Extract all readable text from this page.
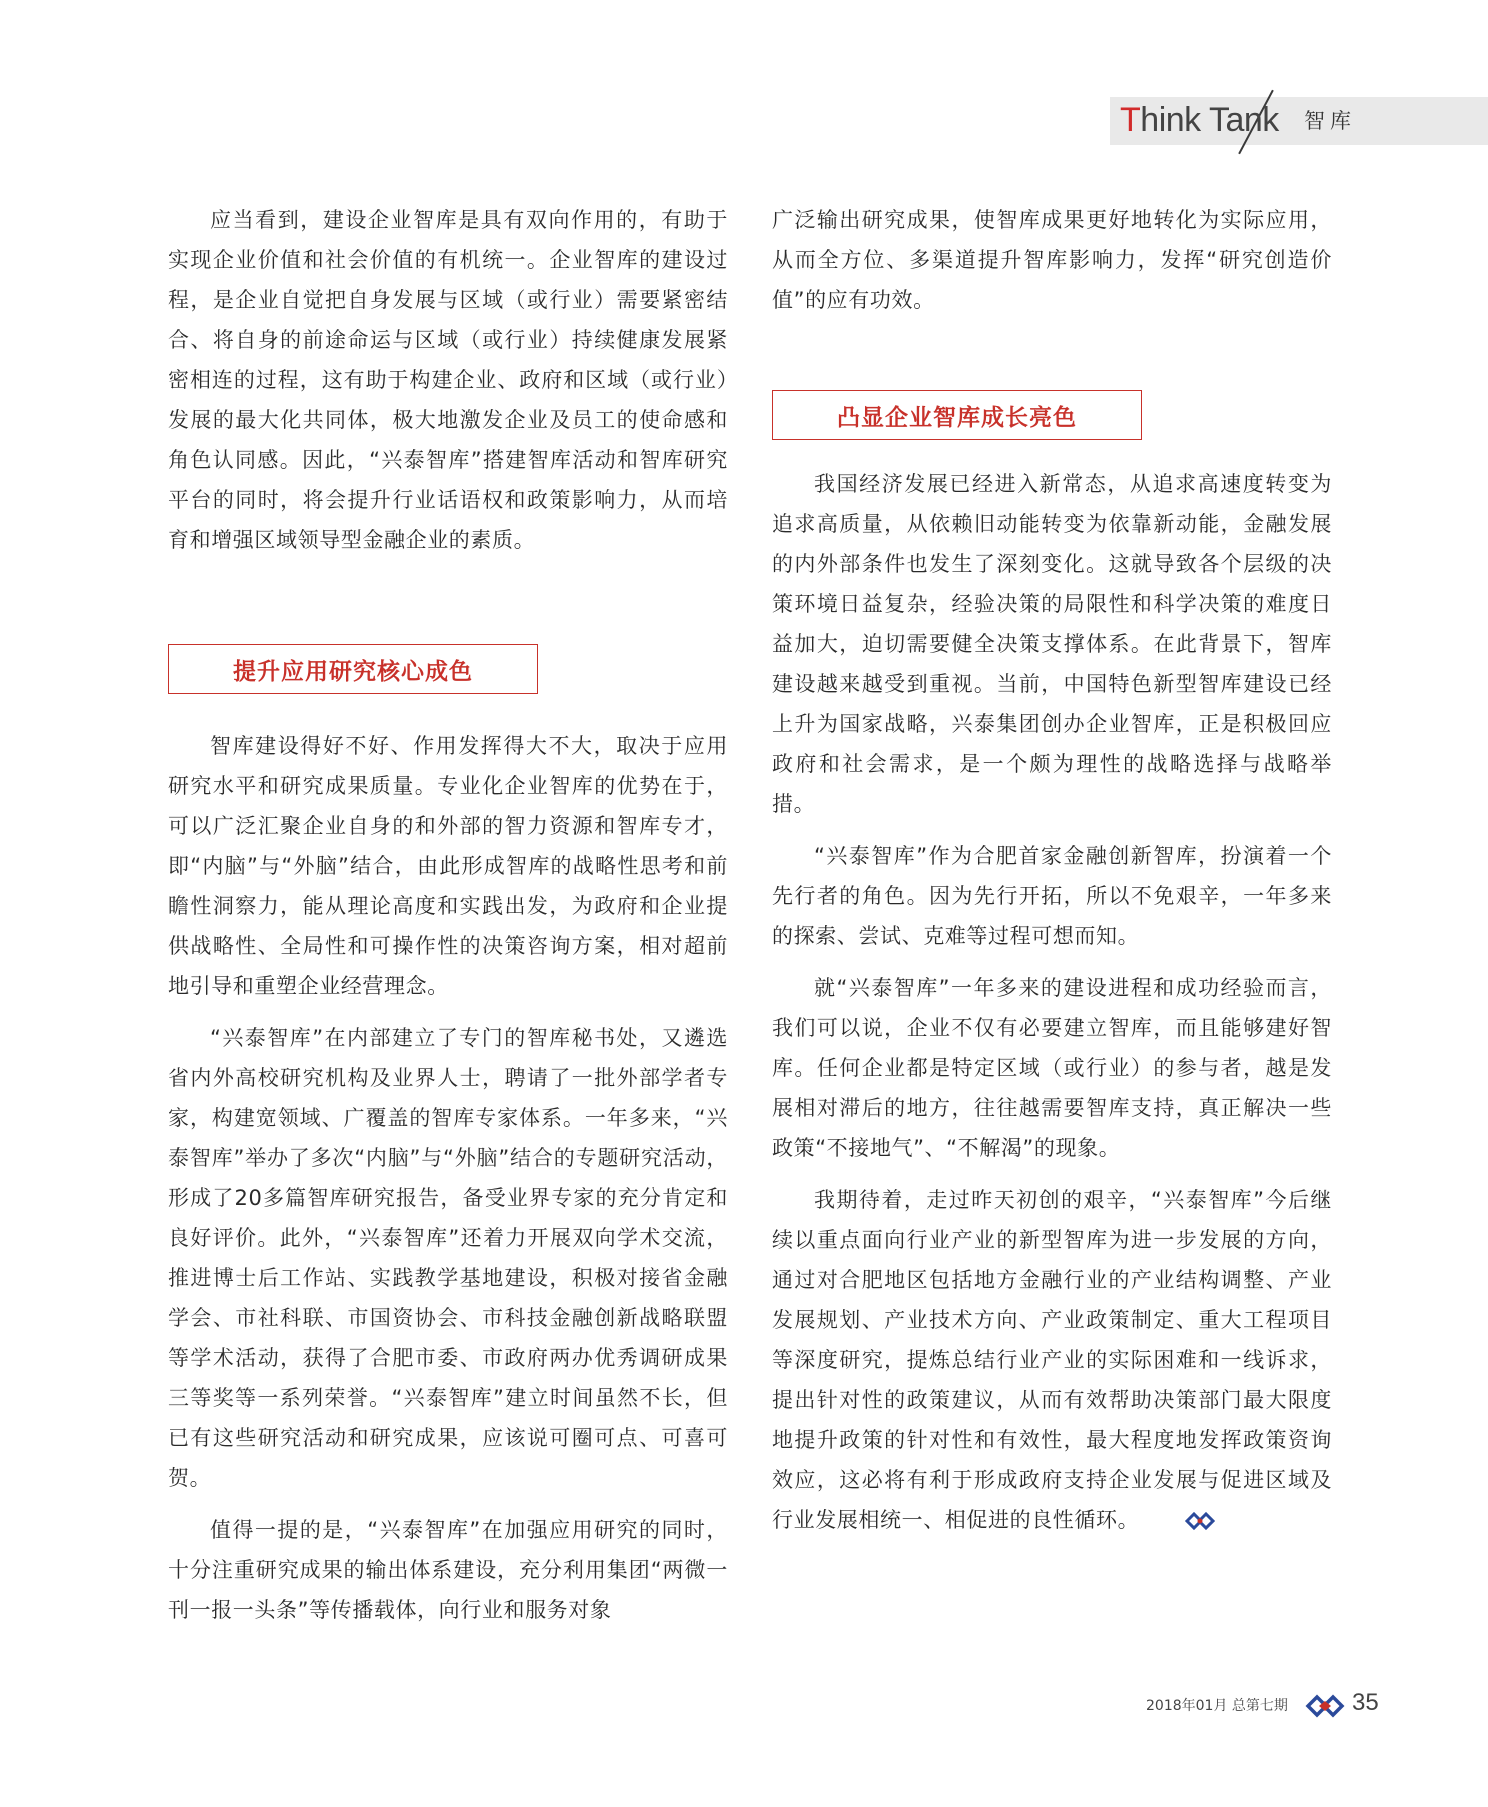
Think Tank 智库

应当看到，建设企业智库是具有双向作用的，有助于实现企业价值和社会价值的有机统一。企业智库的建设过程，是企业自觉把自身发展与区域（或行业）需要紧密结合、将自身的前途命运与区域（或行业）持续健康发展紧密相连的过程，这有助于构建企业、政府和区域（或行业）发展的最大化共同体，极大地激发企业及员工的使命感和角色认同感。因此，“兴泰智库”搭建智库活动和智库研究平台的同时，将会提升行业话语权和政策影响力，从而培育和增强区域领导型金融企业的素质。

提升应用研究核心成色

智库建设得好不好、作用发挥得大不大，取决于应用研究水平和研究成果质量。专业化企业智库的优势在于，可以广泛汇聚企业自身的和外部的智力资源和智库专才，即“内脑”与“外脑”结合，由此形成智库的战略性思考和前瞻性洞察力，能从理论高度和实践出发，为政府和企业提供战略性、全局性和可操作性的决策咨询方案，相对超前地引导和重塑企业经营理念。

“兴泰智库”在内部建立了专门的智库秘书处，又遴选省内外高校研究机构及业界人士，聘请了一批外部学者专家，构建宽领域、广覆盖的智库专家体系。一年多来，“兴泰智库”举办了多次“内脑”与“外脑”结合的专题研究活动，形成了20多篇智库研究报告，备受业界专家的充分肯定和良好评价。此外，“兴泰智库”还着力开展双向学术交流，推进博士后工作站、实践教学基地建设，积极对接省金融学会、市社科联、市国资协会、市科技金融创新战略联盟等学术活动，获得了合肥市委、市政府两办优秀调研成果三等奖等一系列荣誉。“兴泰智库”建立时间虽然不长，但已有这些研究活动和研究成果，应该说可圈可点、可喜可贺。

值得一提的是，“兴泰智库”在加强应用研究的同时，十分注重研究成果的输出体系建设，充分利用集团“两微一刊一报一头条”等传播载体，向行业和服务对象

广泛输出研究成果，使智库成果更好地转化为实际应用，从而全方位、多渠道提升智库影响力，发挥“研究创造价值”的应有功效。

凸显企业智库成长亮色

我国经济发展已经进入新常态，从追求高速度转变为追求高质量，从依赖旧动能转变为依靠新动能，金融发展的内外部条件也发生了深刻变化。这就导致各个层级的决策环境日益复杂，经验决策的局限性和科学决策的难度日益加大，迫切需要健全决策支撑体系。在此背景下，智库建设越来越受到重视。当前，中国特色新型智库建设已经上升为国家战略，兴泰集团创办企业智库，正是积极回应政府和社会需求，是一个颇为理性的战略选择与战略举措。

“兴泰智库”作为合肥首家金融创新智库，扮演着一个先行者的角色。因为先行开拓，所以不免艰辛，一年多来的探索、尝试、克难等过程可想而知。

就“兴泰智库”一年多来的建设进程和成功经验而言，我们可以说，企业不仅有必要建立智库，而且能够建好智库。任何企业都是特定区域（或行业）的参与者，越是发展相对滞后的地方，往往越需要智库支持，真正解决一些政策“不接地气”、“不解渴”的现象。

我期待着，走过昨天初创的艰辛，“兴泰智库”今后继续以重点面向行业产业的新型智库为进一步发展的方向，通过对合肥地区包括地方金融行业的产业结构调整、产业发展规划、产业技术方向、产业政策制定、重大工程项目等深度研究，提炼总结行业产业的实际困难和一线诉求，提出针对性的政策建议，从而有效帮助决策部门最大限度地提升政策的针对性和有效性，最大程度地发挥政策资询效应，这必将有利于形成政府支持企业发展与促进区域及行业发展相统一、相促进的良性循环。

2018年01月 总第七期	35
